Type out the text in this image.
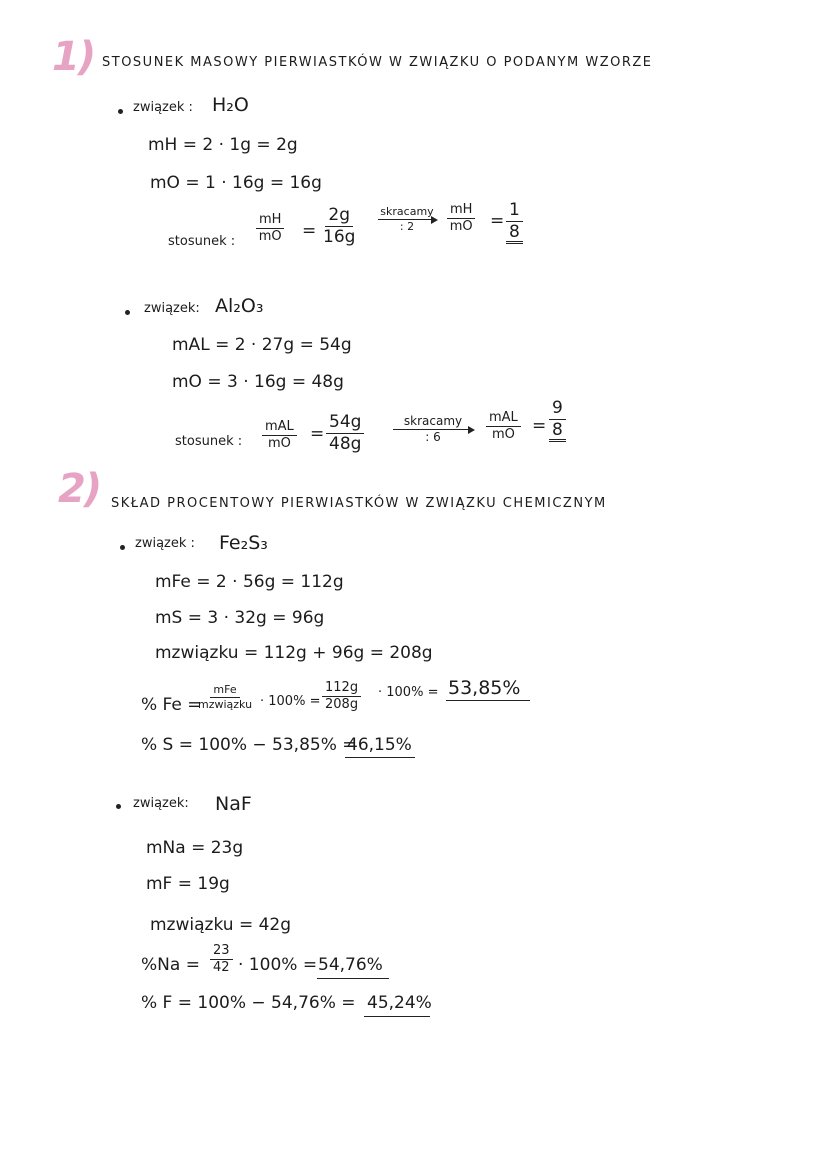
1) STOSUNEK MASOWY PIERWIASTKÓW W ZWIĄZKU O PODANYM WZORZE
związek : H₂O
mH = 2 · 1g = 2g
mO = 1 · 16g = 16g
stosunek : $\frac{mH}{mO} = \frac{2g}{16g}$ skracamy
: 2	$\frac{mH}{mO} = \frac{1}{8}$
związek: Al₂O₃
mAL = 2 · 27g = 54g
mO = 3 · 16g = 48g
stosunek :
mAL
mO = $\frac{54g}{48g}$	skracamy
: 6
mAL
mO = $\frac{9}{8}$
2) SKŁAD PROCENTOWY PIERWIASTKÓW W ZWIĄZKU CHEMICZNYM
związek : Fe₂S₃
mFe = 2 · 56g = 112g
mS = 3 · 32g = 96g
mzwiązku = 112g + 96g = 208g
% Fe =
mFe
mzwiązku · $100\% = \frac{112g}{208g} \cdot 100\% = 53,85\%$
% S = 100% − 53,85% =
46,15%
związek: NaF
mNa = 23g
mF = 19g
mzwiązku = 42g
$\%Na = \frac{23}{42} \cdot 100\% = 54,76\%$
% F = 100% − 54,76% = 45,24%
